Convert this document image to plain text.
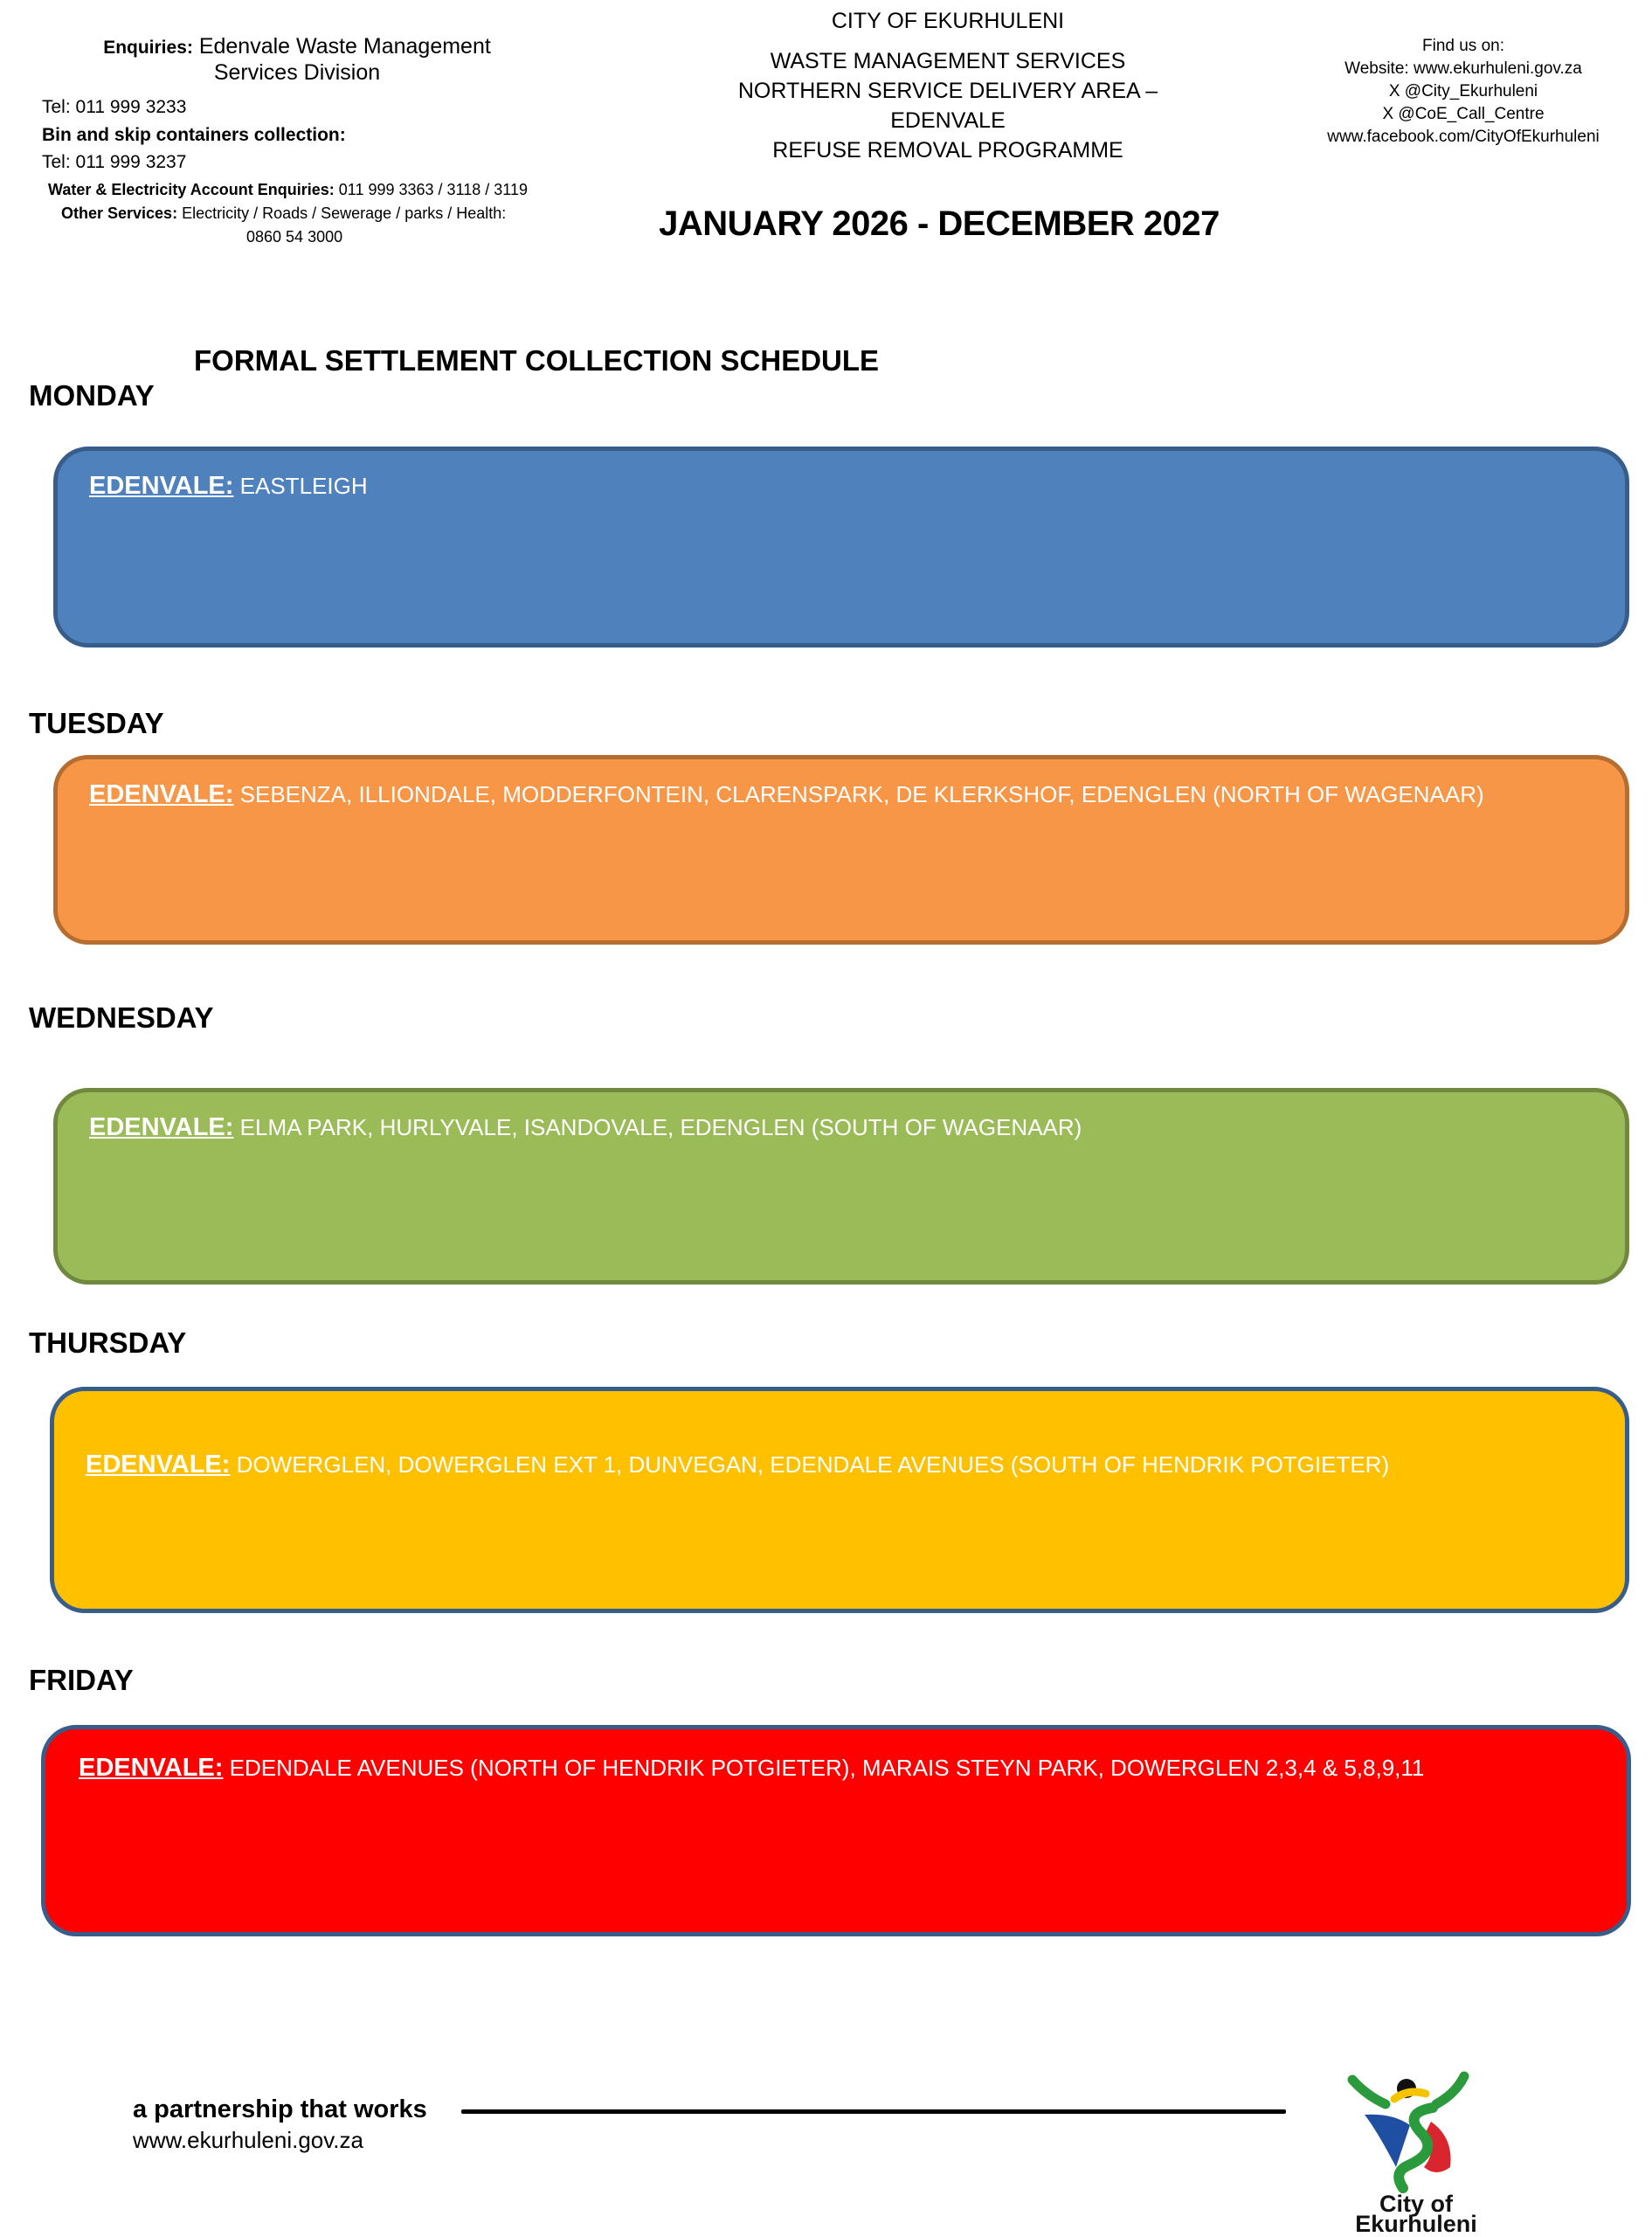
Enquiries: Edenvale Waste Management
Services Division
Tel: 011 999 3233
Bin and skip containers collection:
Tel: 011 999 3237
Water & Electricity Account Enquiries: 011 999 3363 / 3118 / 3119
Other Services: Electricity / Roads / Sewerage / parks / Health:
0860 54 3000
CITY OF EKURHULENI
WASTE MANAGEMENT SERVICES
NORTHERN SERVICE DELIVERY AREA –
EDENVALE
REFUSE REMOVAL PROGRAMME
JANUARY 2026 - DECEMBER 2027
Find us on:
Website: www.ekurhuleni.gov.za
X @City_Ekurhuleni
X @CoE_Call_Centre
www.facebook.com/CityOfEkurhuleni
FORMAL SETTLEMENT COLLECTION SCHEDULE
MONDAY
EDENVALE: EASTLEIGH
TUESDAY
EDENVALE: SEBENZA, ILLIONDALE, MODDERFONTEIN, CLARENSPARK, DE KLERKSHOF, EDENGLEN (NORTH OF WAGENAAR)
WEDNESDAY
EDENVALE: ELMA PARK, HURLYVALE, ISANDOVALE, EDENGLEN (SOUTH OF WAGENAAR)
THURSDAY
EDENVALE: DOWERGLEN, DOWERGLEN EXT 1, DUNVEGAN, EDENDALE AVENUES (SOUTH OF HENDRIK POTGIETER)
FRIDAY
EDENVALE: EDENDALE AVENUES (NORTH OF HENDRIK POTGIETER), MARAIS STEYN PARK, DOWERGLEN 2,3,4 & 5,8,9,11
a partnership that works
www.ekurhuleni.gov.za
City of
Ekurhuleni
